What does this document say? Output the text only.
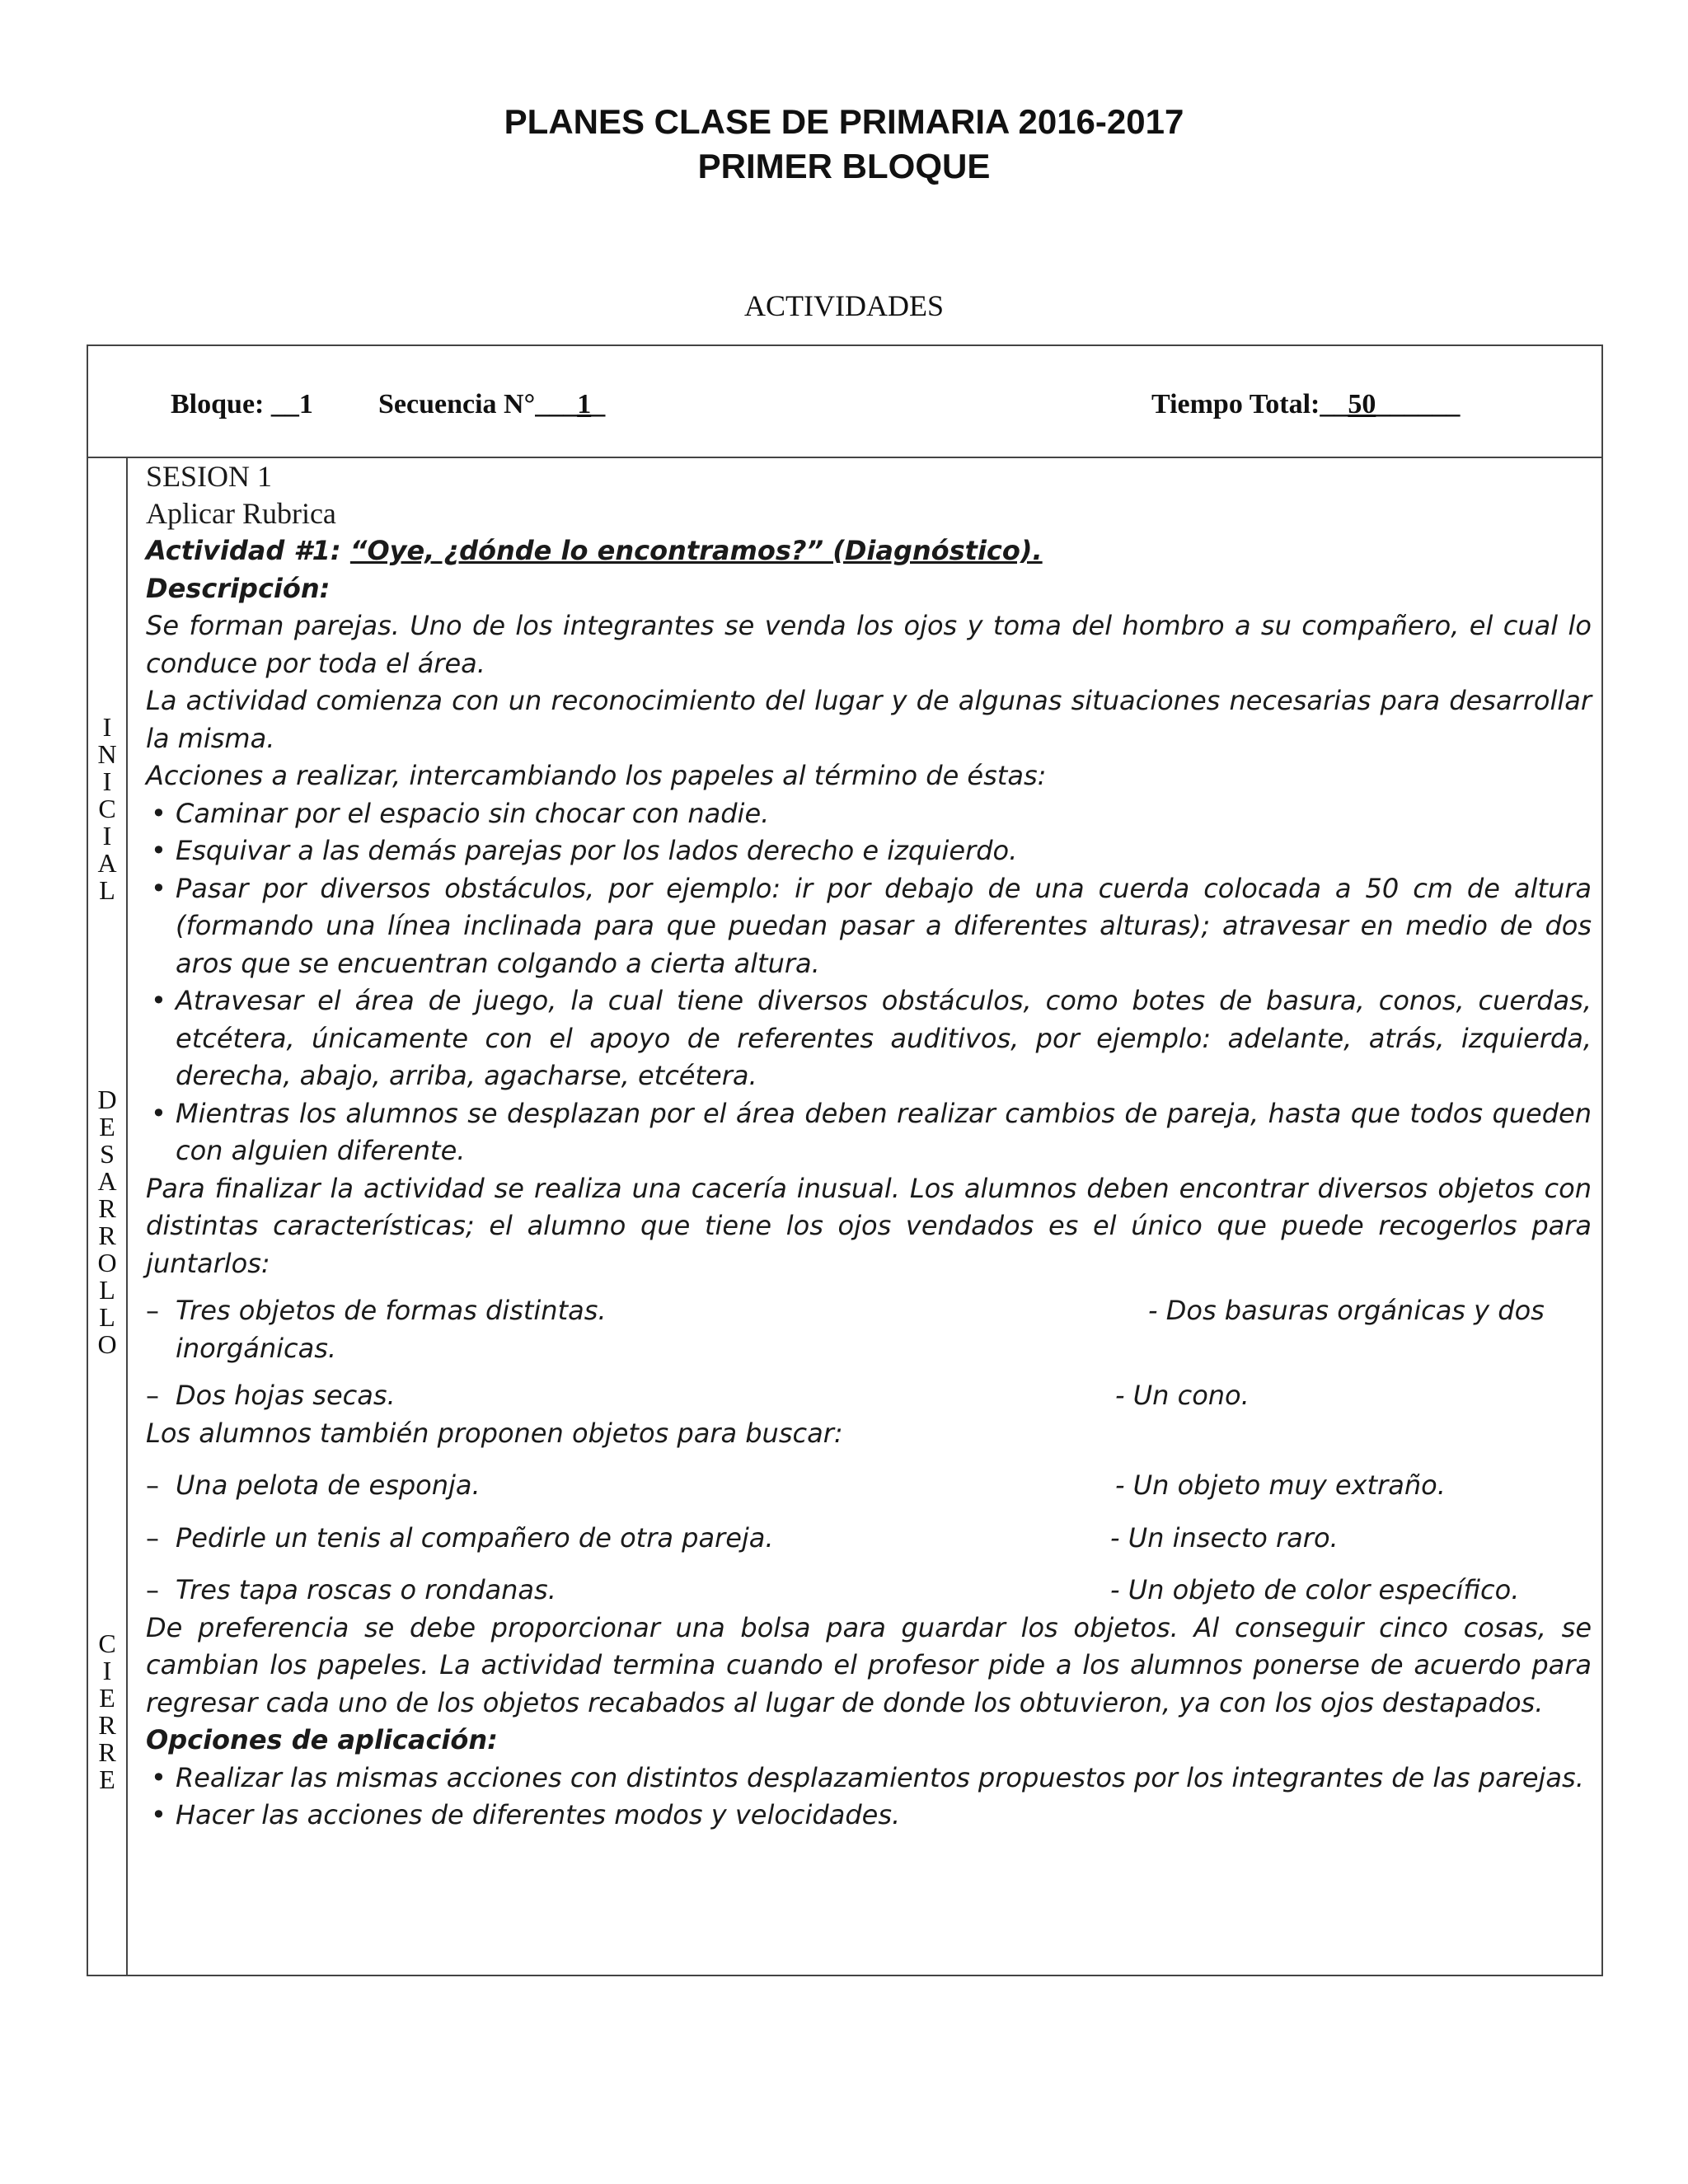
PLANES CLASE DE PRIMARIA 2016-2017
PRIMER BLOQUE
ACTIVIDADES
Bloque: __1 Secuencia N°___1_	Tiempo Total:__50______
I
N
I
C
I
A
L
D
E
S
A
R
R
O
L
L
O
C
I
E
R
R
E
SESION 1
Aplicar Rubrica
Actividad #1: “Oye, ¿dónde lo encontramos?” (Diagnóstico).
Descripción:
Se forman parejas. Uno de los integrantes se venda los ojos y toma del hombro a su compañero, el cual lo conduce por toda el área.
La actividad comienza con un reconocimiento del lugar y de algunas situaciones necesarias para desarrollar la misma.
Acciones a realizar, intercambiando los papeles al término de éstas:
• Caminar por el espacio sin chocar con nadie.
• Esquivar a las demás parejas por los lados derecho e izquierdo.
• Pasar por diversos obstáculos, por ejemplo: ir por debajo de una cuerda colocada a 50 cm de altura (formando una línea inclinada para que puedan pasar a diferentes alturas); atravesar en medio de dos aros que se encuentran colgando a cierta altura.
• Atravesar el área de juego, la cual tiene diversos obstáculos, como botes de basura, conos, cuerdas, etcétera, únicamente con el apoyo de referentes auditivos, por ejemplo: adelante, atrás, izquierda, derecha, abajo, arriba, agacharse, etcétera.
• Mientras los alumnos se desplazan por el área deben realizar cambios de pareja, hasta que todos queden con alguien diferente.
Para finalizar la actividad se realiza una cacería inusual. Los alumnos deben encontrar diversos objetos con distintas características; el alumno que tiene los ojos vendados es el único que puede recogerlos para juntarlos:
– Tres objetos de formas distintas.	- Dos basuras orgánicas y dos
inorgánicas.
– Dos hojas secas.	- Un cono.
Los alumnos también proponen objetos para buscar:
– Una pelota de esponja.	- Un objeto muy extraño.
– Pedirle un tenis al compañero de otra pareja.	- Un insecto raro.
– Tres tapa roscas o rondanas.	- Un objeto de color específico.
De preferencia se debe proporcionar una bolsa para guardar los objetos. Al conseguir cinco cosas, se cambian los papeles. La actividad termina cuando el profesor pide a los alumnos ponerse de acuerdo para regresar cada uno de los objetos recabados al lugar de donde los obtuvieron, ya con los ojos destapados.
Opciones de aplicación:
• Realizar las mismas acciones con distintos desplazamientos propuestos por los integrantes de las parejas.
• Hacer las acciones de diferentes modos y velocidades.
